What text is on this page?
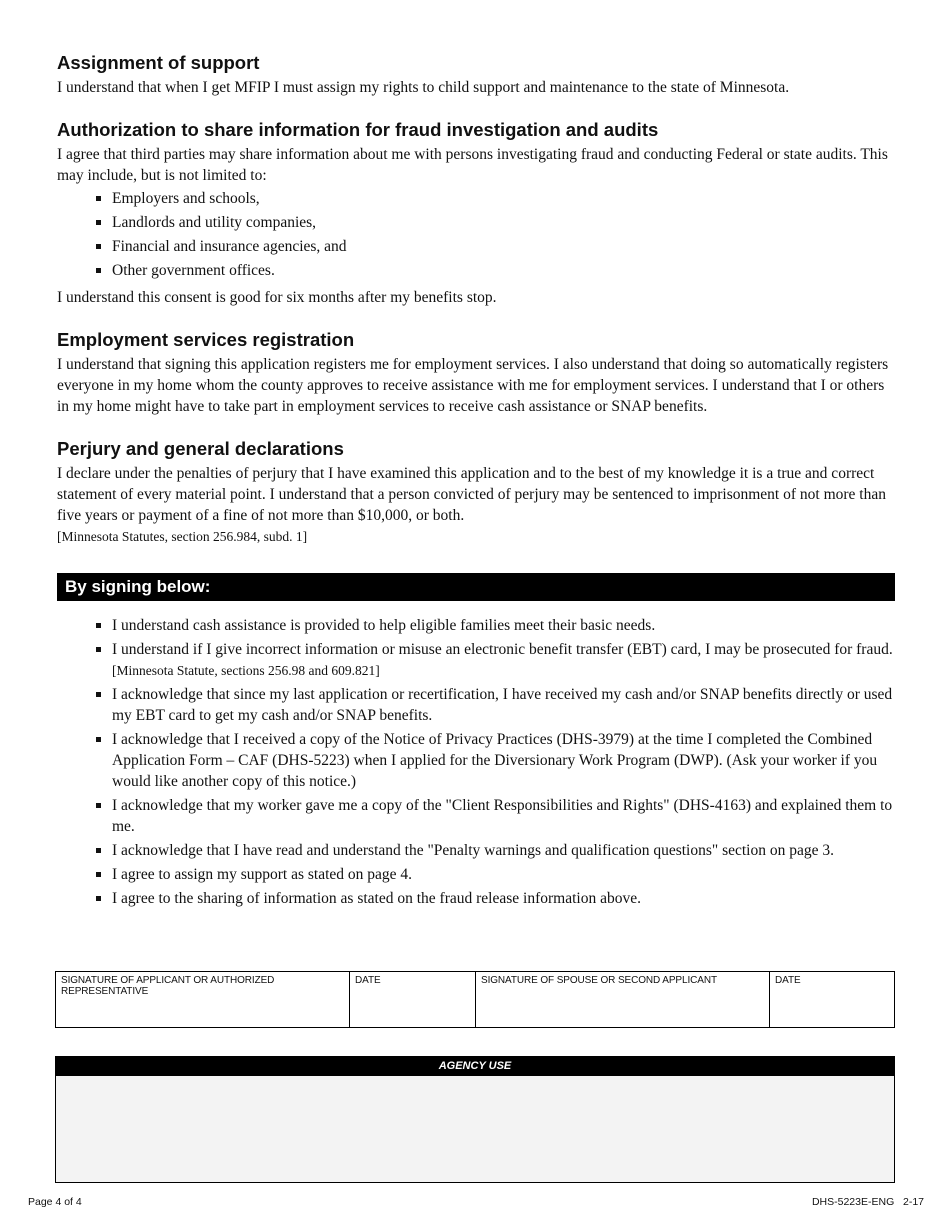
Assignment of support

I understand that when I get MFIP I must assign my rights to child support and maintenance to the state of Minnesota.

Authorization to share information for fraud investigation and audits

I agree that third parties may share information about me with persons investigating fraud and conducting Federal or state audits. This may include, but is not limited to:

Employers and schools,
Landlords and utility companies,
Financial and insurance agencies, and
Other government offices.

I understand this consent is good for six months after my benefits stop.

Employment services registration

I understand that signing this application registers me for employment services. I also understand that doing so automatically registers everyone in my home whom the county approves to receive assistance with me for employment services. I understand that I or others in my home might have to take part in employment services to receive cash assistance or SNAP benefits.

Perjury and general declarations

I declare under the penalties of perjury that I have examined this application and to the best of my knowledge it is a true and correct statement of every material point. I understand that a person convicted of perjury may be sentenced to imprisonment of not more than five years or payment of a fine of not more than $10,000, or both.

[Minnesota Statutes, section 256.984, subd. 1]

By signing below:
I understand cash assistance is provided to help eligible families meet their basic needs.
I understand if I give incorrect information or misuse an electronic benefit transfer (EBT) card, I may be prosecuted for fraud. [Minnesota Statute, sections 256.98 and 609.821]
I acknowledge that since my last application or recertification, I have received my cash and/or SNAP benefits directly or used my EBT card to get my cash and/or SNAP benefits.
I acknowledge that I received a copy of the Notice of Privacy Practices (DHS-3979) at the time I completed the Combined Application Form – CAF (DHS-5223) when I applied for the Diversionary Work Program (DWP). (Ask your worker if you would like another copy of this notice.)
I acknowledge that my worker gave me a copy of the "Client Responsibilities and Rights" (DHS-4163) and explained them to me.
I acknowledge that I have read and understand the "Penalty warnings and qualification questions" section on page 3.
I agree to assign my support as stated on page 4.
I agree to the sharing of information as stated on the fraud release information above.
SIGNATURE OF APPLICANT OR AUTHORIZED REPRESENTATIVE	DATE	SIGNATURE OF SPOUSE OR SECOND APPLICANT	DATE
AGENCY USE
Page 4 of 4	DHS-5223E-ENG   2-17
